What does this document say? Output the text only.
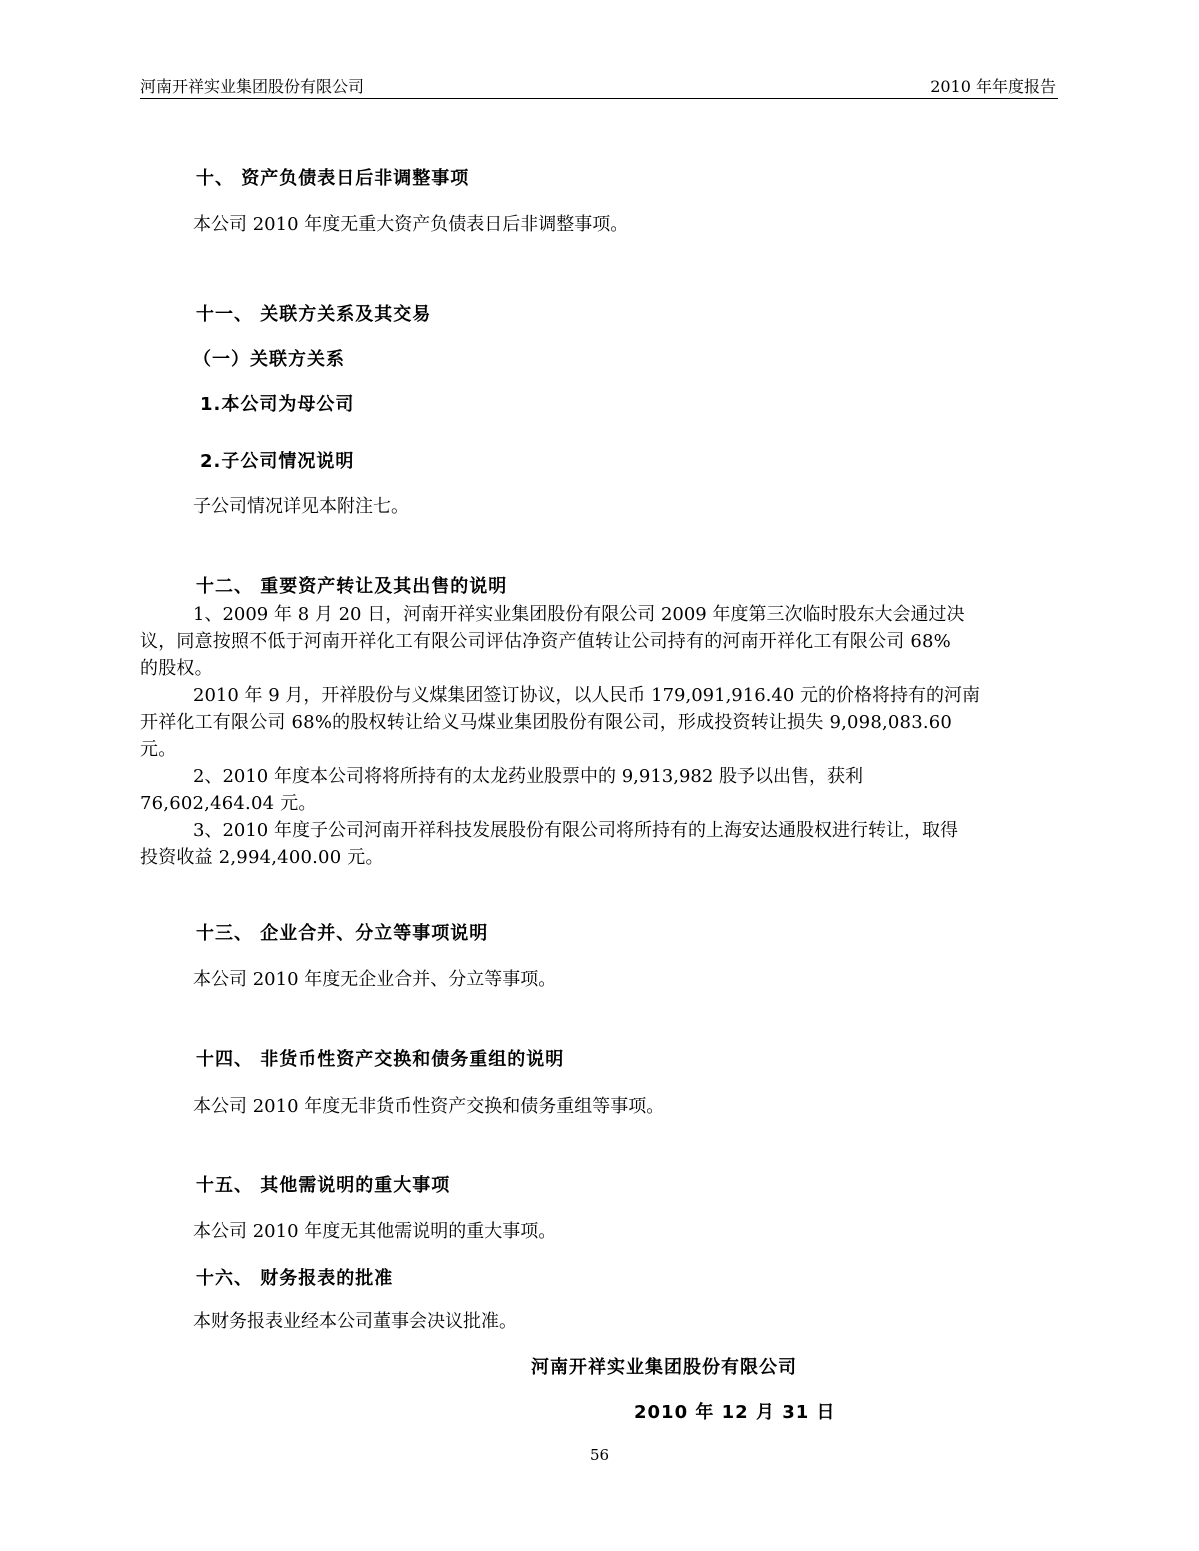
河南开祥实业集团股份有限公司	2010 年年度报告
十、 资产负债表日后非调整事项
本公司 2010 年度无重大资产负债表日后非调整事项。
十一、 关联方关系及其交易
（一）关联方关系
1.本公司为母公司
2.子公司情况说明
子公司情况详见本附注七。
十二、 重要资产转让及其出售的说明
1、2009 年 8 月 20 日，河南开祥实业集团股份有限公司 2009 年度第三次临时股东大会通过决
议，同意按照不低于河南开祥化工有限公司评估净资产值转让公司持有的河南开祥化工有限公司 68%
的股权。
2010 年 9 月，开祥股份与义煤集团签订协议，以人民币 179,091,916.40 元的价格将持有的河南
开祥化工有限公司 68%的股权转让给义马煤业集团股份有限公司，形成投资转让损失 9,098,083.60
元。
2、2010 年度本公司将将所持有的太龙药业股票中的 9,913,982 股予以出售，获利
76,602,464.04 元。
3、2010 年度子公司河南开祥科技发展股份有限公司将所持有的上海安达通股权进行转让，取得
投资收益 2,994,400.00 元。
十三、 企业合并、分立等事项说明
本公司 2010 年度无企业合并、分立等事项。
十四、 非货币性资产交换和债务重组的说明
本公司 2010 年度无非货币性资产交换和债务重组等事项。
十五、 其他需说明的重大事项
本公司 2010 年度无其他需说明的重大事项。
十六、 财务报表的批准
本财务报表业经本公司董事会决议批准。
河南开祥实业集团股份有限公司
2010 年 12 月 31 日
56
